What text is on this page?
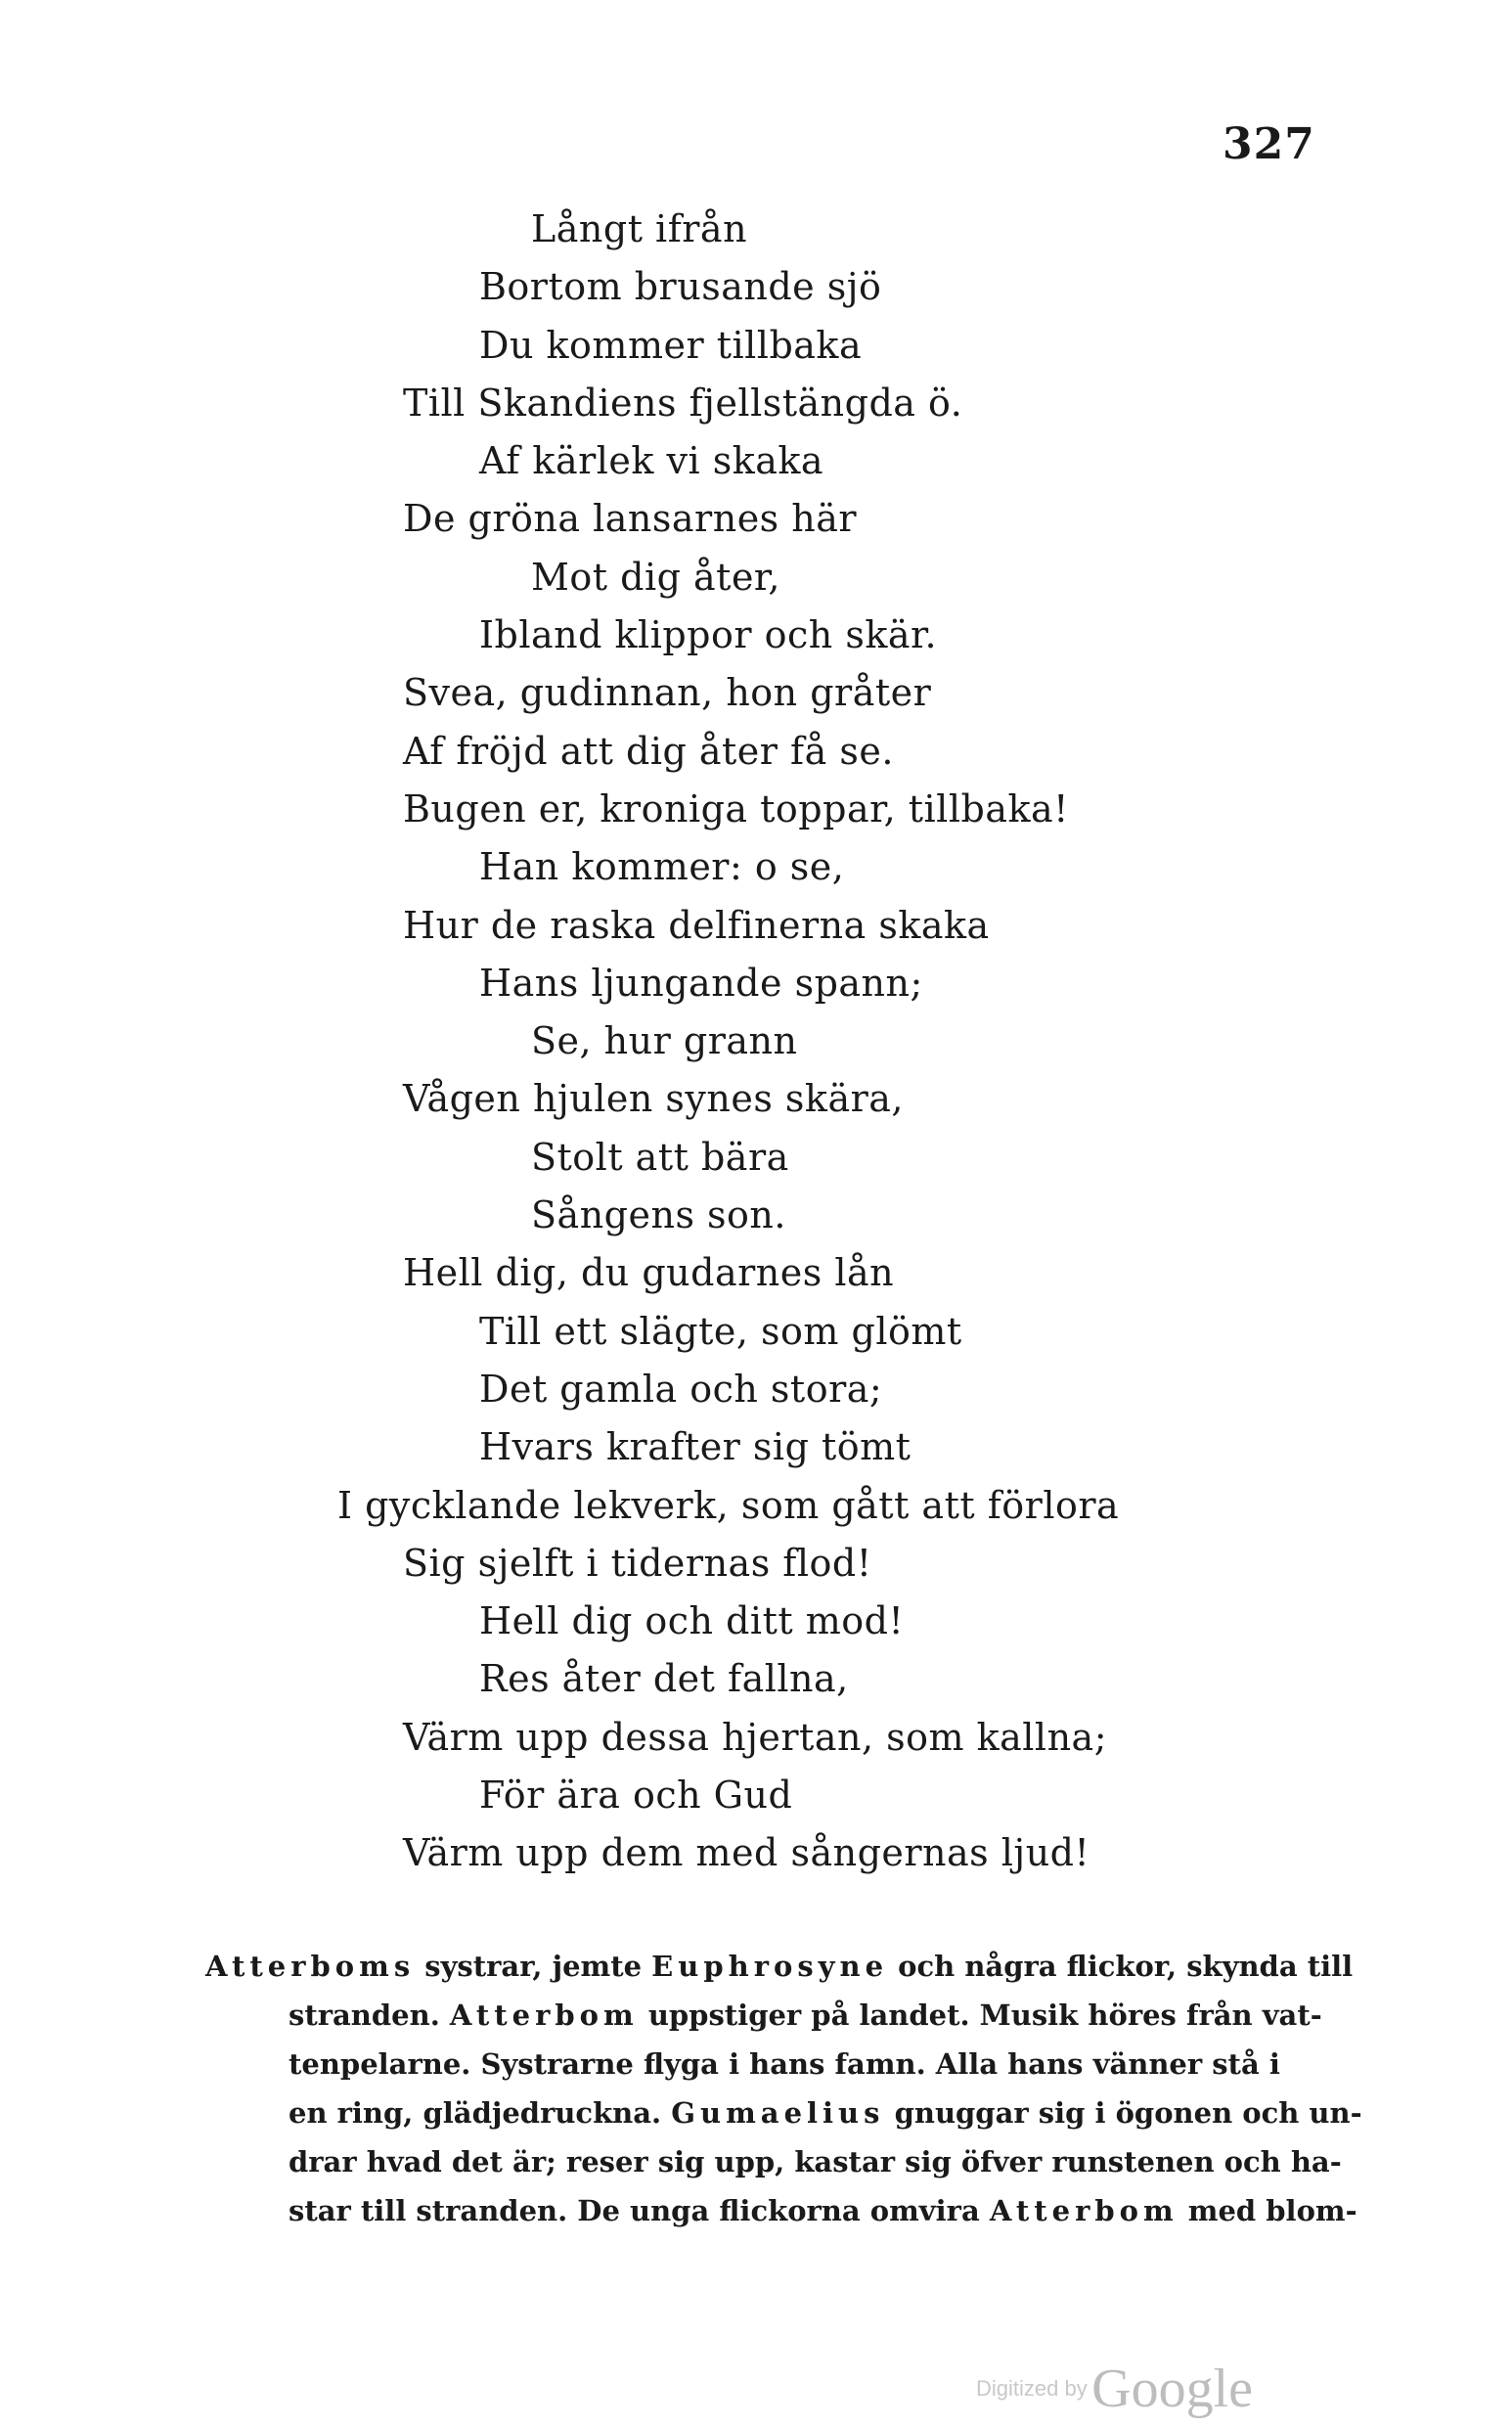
327
Långt ifrån
Bortom brusande sjö
Du kommer tillbaka
Till Skandiens fjellstängda ö.
Af kärlek vi skaka
De gröna lansarnes här
Mot dig åter,
Ibland klippor och skär.
Svea, gudinnan, hon gråter
Af fröjd att dig åter få se.
Bugen er, kroniga toppar, tillbaka!
Han kommer: o se,
Hur de raska delfinerna skaka
Hans ljungande spann;
Se, hur grann
Vågen hjulen synes skära,
Stolt att bära
Sångens son.
Hell dig, du gudarnes lån
Till ett slägte, som glömt
Det gamla och stora;
Hvars krafter sig tömt
I gycklande lekverk, som gått att förlora
Sig sjelft i tidernas flod!
Hell dig och ditt mod!
Res åter det fallna,
Värm upp dessa hjertan, som kallna;
För ära och Gud
Värm upp dem med sångernas ljud!
Atterboms systrar, jemte Euphrosyne och några flickor, skynda till
stranden. Atterbom uppstiger på landet. Musik höres från vat-
tenpelarne. Systrarne flyga i hans famn. Alla hans vänner stå i
en ring, glädjedruckna. Gumaelius gnuggar sig i ögonen och un-
drar hvad det är; reser sig upp, kastar sig öfver runstenen och ha-
star till stranden. De unga flickorna omvira Atterbom med blom-
Digitized by Google
